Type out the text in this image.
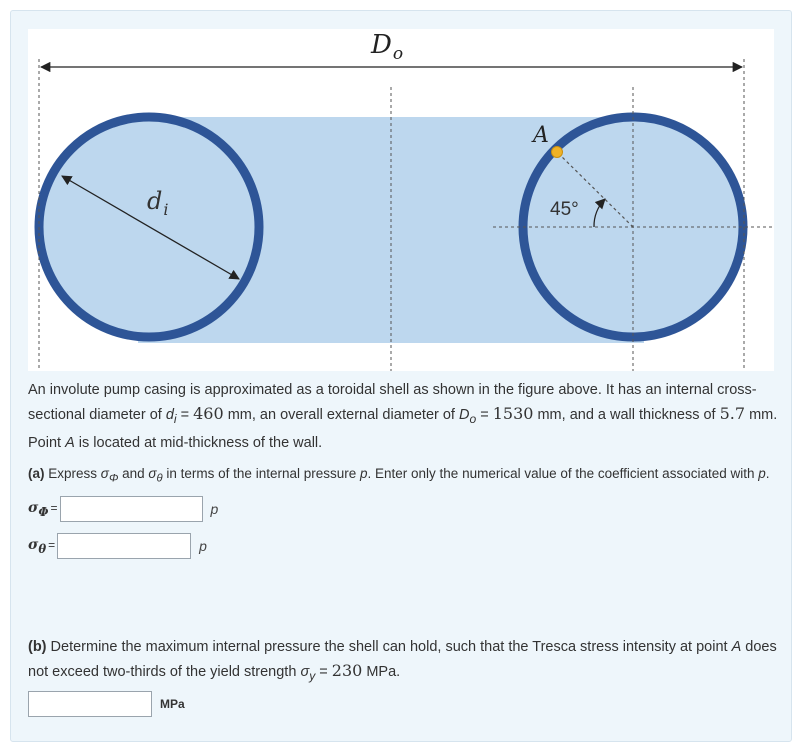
$D_o$
$d_i$	45°
A
An involute pump casing is approximated as a toroidal shell as shown in the figure above. It has an internal cross-sectional diameter of $d_i = 460$ mm, an overall external diameter of $D_o = 1530$ mm, and a wall thickness of 5.7 mm. Point A is located at mid-thickness of the wall.
(a) Express $\sigma_\Phi$ and $\sigma_\theta$ in terms of the internal pressure p. Enter only the numerical value of the coefficient associated with p.
$\sigma_\Phi$ =	p
$\sigma_\theta$ =	p
(b) Determine the maximum internal pressure the shell can hold, such that the Tresca stress intensity at point A does not exceed two-thirds of the yield strength $\sigma_y = 230$ MPa.
MPa
